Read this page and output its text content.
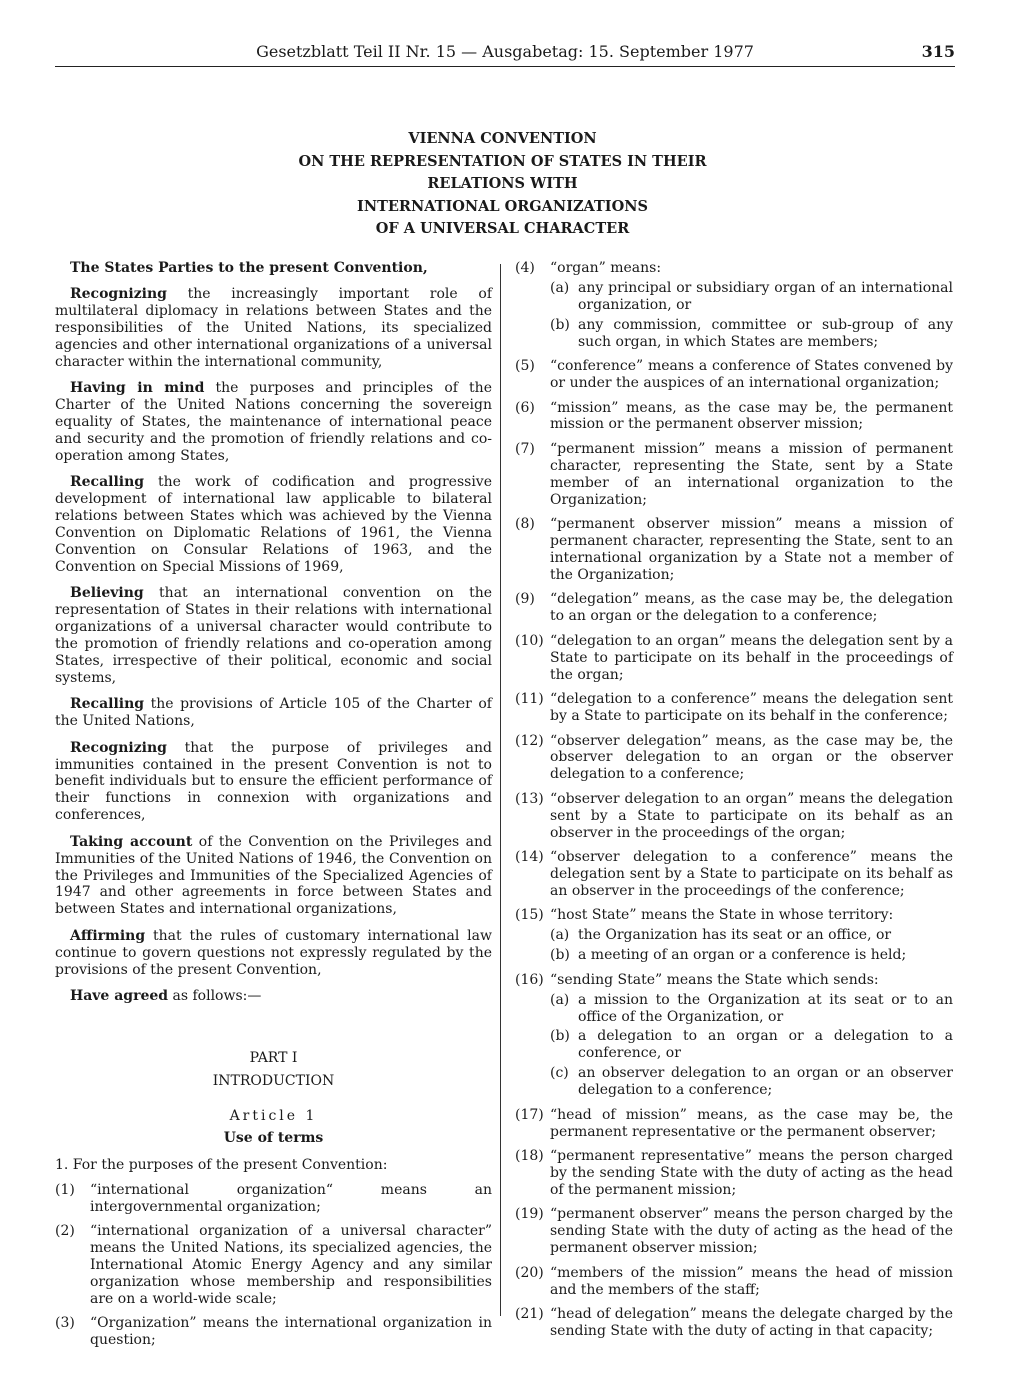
Gesetzblatt Teil II Nr. 15 — Ausgabetag: 15. September 1977	315
VIENNA CONVENTION
ON THE REPRESENTATION OF STATES IN THEIR
RELATIONS WITH
INTERNATIONAL ORGANIZATIONS
OF A UNIVERSAL CHARACTER

The States Parties to the present Convention,

Recognizing the increasingly important role of multilateral diplomacy in relations between States and the responsibilities of the United Nations, its specialized agencies and other international organizations of a universal character within the international community,

Having in mind the purposes and principles of the Charter of the United Nations concerning the sovereign equality of States, the maintenance of international peace and security and the promotion of friendly relations and co-operation among States,

Recalling the work of codification and progressive development of international law applicable to bilateral relations between States which was achieved by the Vienna Convention on Diplomatic Relations of 1961, the Vienna Convention on Consular Relations of 1963, and the Convention on Special Missions of 1969,

Believing that an international convention on the representation of States in their relations with international organizations of a universal character would contribute to the promotion of friendly relations and co-operation among States, irrespective of their political, economic and social systems,

Recalling the provisions of Article 105 of the Charter of the United Nations,

Recognizing that the purpose of privileges and immunities contained in the present Convention is not to benefit individuals but to ensure the efficient performance of their functions in connexion with organizations and conferences,

Taking account of the Convention on the Privileges and Immunities of the United Nations of 1946, the Convention on the Privileges and Immunities of the Specialized Agencies of 1947 and other agreements in force between States and between States and international organizations,

Affirming that the rules of customary international law continue to govern questions not expressly regulated by the provisions of the present Convention,

Have agreed as follows:—

PART I

INTRODUCTION

Article 1

Use of terms

1. For the purposes of the present Convention:

(1)	“international organization“ means an intergovernmental organization;
(2)	“international organization of a universal character” means the United Nations, its specialized agencies, the International Atomic Energy Agency and any similar organization whose membership and responsibilities are on a world-wide scale;
(3)	“Organization” means the international organization in question;
(4)	“organ” means:
(a) any principal or subsidiary organ of an international organization, or
(b) any commission, committee or sub-group of any such organ, in which States are members;
(5)	“conference” means a conference of States convened by or under the auspices of an international organization;
(6)	“mission” means, as the case may be, the permanent mission or the permanent observer mission;
(7)	“permanent mission” means a mission of permanent character, representing the State, sent by a State member of an international organization to the Organization;
(8)	“permanent observer mission” means a mission of permanent character, representing the State, sent to an international organization by a State not a member of the Organization;
(9)	“delegation” means, as the case may be, the delegation to an organ or the delegation to a conference;
(10) “delegation to an organ” means the delegation sent by a State to participate on its behalf in the proceedings of the organ;
(11) “delegation to a conference” means the delegation sent by a State to participate on its behalf in the conference;
(12) “observer delegation” means, as the case may be, the observer delegation to an organ or the observer delegation to a conference;
(13) “observer delegation to an organ” means the delegation sent by a State to participate on its behalf as an observer in the proceedings of the organ;
(14) “observer delegation to a conference” means the delegation sent by a State to participate on its behalf as an observer in the proceedings of the conference;
(15) “host State” means the State in whose territory:
(a) the Organization has its seat or an office, or
(b) a meeting of an organ or a conference is held;
(16) “sending State” means the State which sends:
(a) a mission to the Organization at its seat or to an office of the Organization, or
(b) a delegation to an organ or a delegation to a conference, or
(c) an observer delegation to an organ or an observer delegation to a conference;
(17) “head of mission” means, as the case may be, the permanent representative or the permanent observer;
(18) “permanent representative” means the person charged by the sending State with the duty of acting as the head of the permanent mission;
(19) “permanent observer” means the person charged by the sending State with the duty of acting as the head of the permanent observer mission;
(20) “members of the mission” means the head of mission and the members of the staff;
(21) “head of delegation” means the delegate charged by the sending State with the duty of acting in that capacity;
